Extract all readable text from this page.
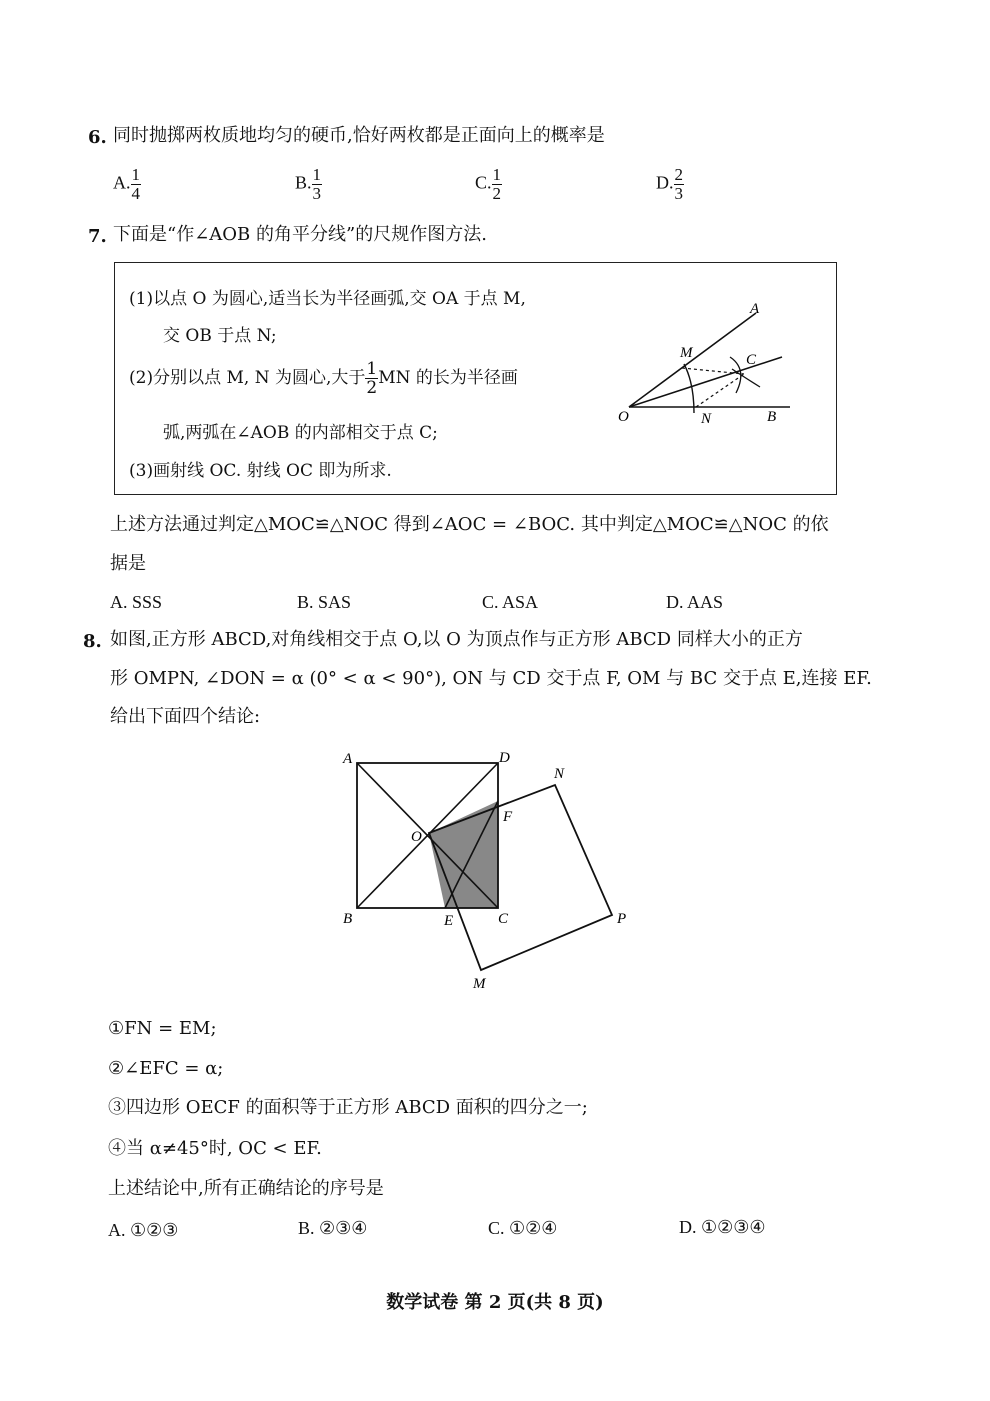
6. 同时抛掷两枚质地均匀的硬币,恰好两枚都是正面向上的概率是
A. $\frac{1}{4}$	B. $\frac{1}{3}$	C. $\frac{1}{2}$	D. $\frac{2}{3}$
7. 下面是“作∠AOB 的角平分线”的尺规作图方法.
(1)以点 O 为圆心,适当长为半径画弧,交 OA 于点 M,
交 OB 于点 N;
(2)分别以点 M, N 为圆心,大于 $\frac{1}{2}$ MN 的长为半径画
弧,两弧在∠AOB 的内部相交于点 C;
(3)画射线 OC. 射线 OC 即为所求.
A
M	C
O	N	B
上述方法通过判定△MOC≌△NOC 得到∠AOC = ∠BOC. 其中判定△MOC≌△NOC 的依
据是
A. SSS	B. SAS	C. ASA	D. AAS
8. 如图,正方形 ABCD,对角线相交于点 O,以 O 为顶点作与正方形 ABCD 同样大小的正方
形 OMPN, ∠DON = α (0° < α < 90°), ON 与 CD 交于点 F, OM 与 BC 交于点 E,连接 EF.
给出下面四个结论:
A	D
N
F
O
B	E	C	P
M
①FN = EM;
②∠EFC = α;
③四边形 OECF 的面积等于正方形 ABCD 面积的四分之一;
④当 α≠45°时, OC < EF.
上述结论中,所有正确结论的序号是
A. ①②③	B. ②③④	C. ①②④	D. ①②③④
数学试卷 第 2 页(共 8 页)
